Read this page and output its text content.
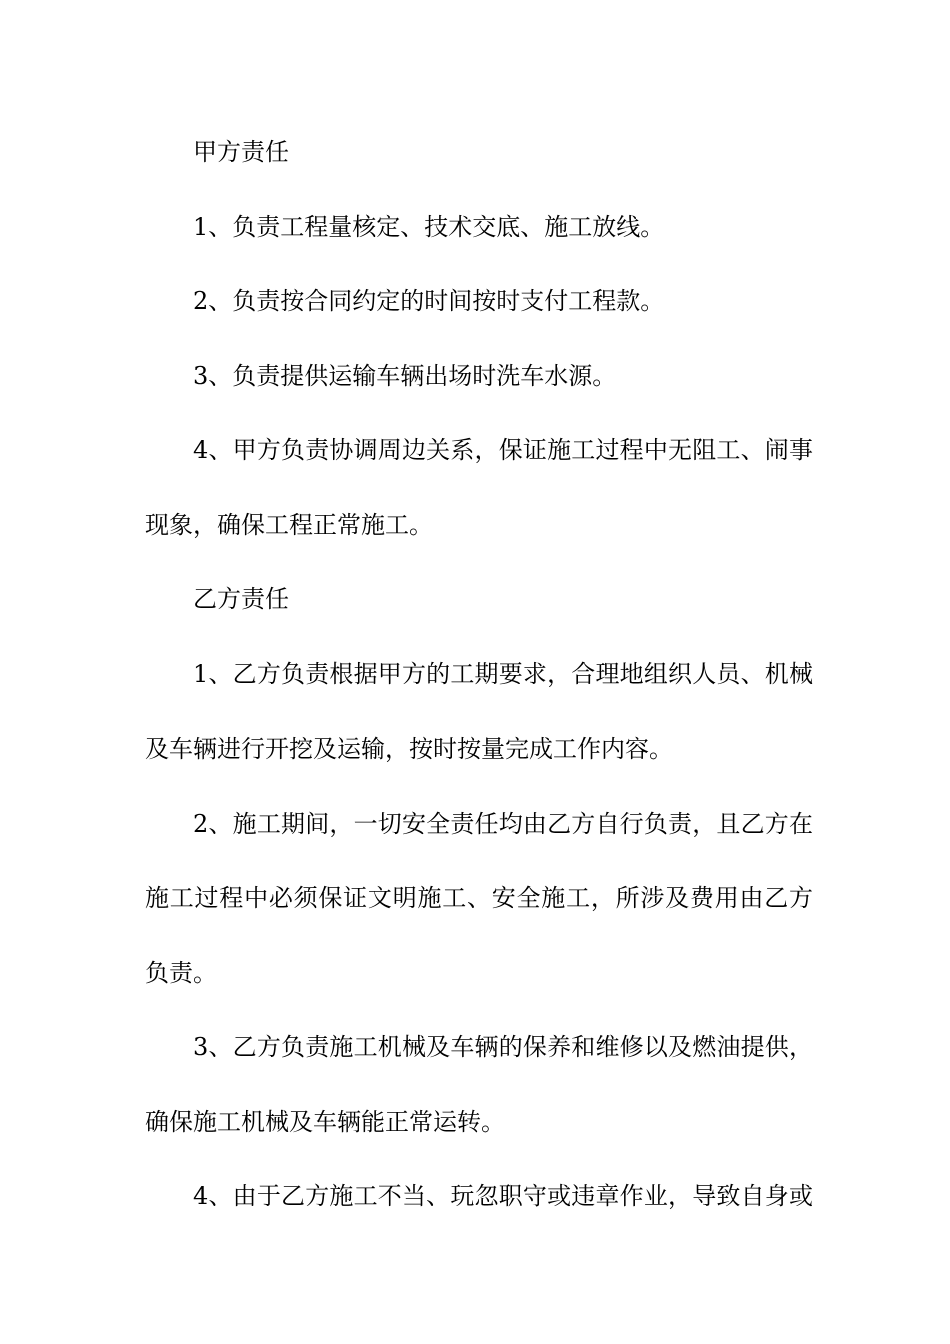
甲方责任
1、负责工程量核定、技术交底、施工放线。
2、负责按合同约定的时间按时支付工程款。
3、负责提供运输车辆出场时洗车水源。
4、甲方负责协调周边关系，保证施工过程中无阻工、闹事
现象，确保工程正常施工。
乙方责任
1、乙方负责根据甲方的工期要求，合理地组织人员、机械
及车辆进行开挖及运输，按时按量完成工作内容。
2、施工期间，一切安全责任均由乙方自行负责，且乙方在
施工过程中必须保证文明施工、安全施工，所涉及费用由乙方
负责。
3、乙方负责施工机械及车辆的保养和维修以及燃油提供，
确保施工机械及车辆能正常运转。
4、由于乙方施工不当、玩忽职守或违章作业，导致自身或
